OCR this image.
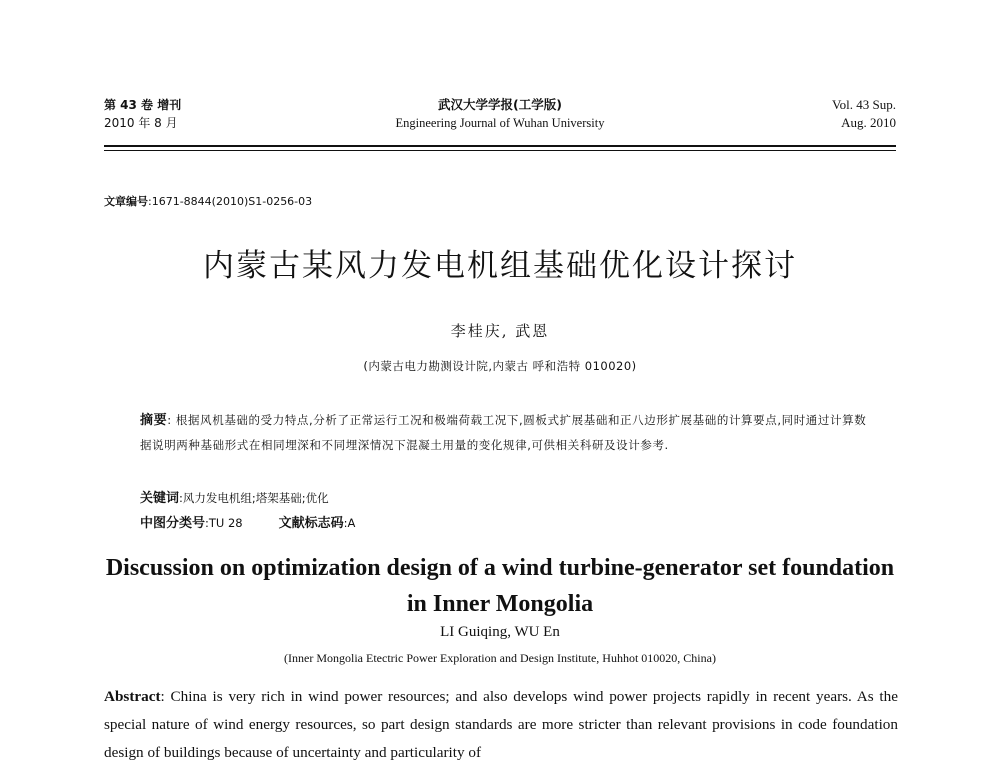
第 43 卷 增刊
2010 年 8 月
武汉大学学报(工学版)
Engineering Journal of Wuhan University
Vol. 43 Sup.
Aug. 2010
文章编号:1671-8844(2010)S1-0256-03
内蒙古某风力发电机组基础优化设计探讨
李桂庆, 武恩
(内蒙古电力勘测设计院,内蒙古 呼和浩特 010020)
摘要: 根据风机基础的受力特点,分析了正常运行工况和极端荷载工况下,圆板式扩展基础和正八边形扩展基础的计算要点,同时通过计算数据说明两种基础形式在相同埋深和不同埋深情况下混凝土用量的变化规律,可供相关科研及设计参考.
关键词:风力发电机组;塔架基础;优化
中图分类号:TU 28	文献标志码:A
Discussion on optimization design of a wind turbine-generator set foundation in Inner Mongolia
LI Guiqing, WU En
(Inner Mongolia Etectric Power Exploration and Design Institute, Huhhot 010020, China)
Abstract: China is very rich in wind power resources; and also develops wind power projects rapidly in recent years. As the special nature of wind energy resources, so part design standards are more stricter than relevant provisions in code foundation design of buildings because of uncertainty and particularity of
